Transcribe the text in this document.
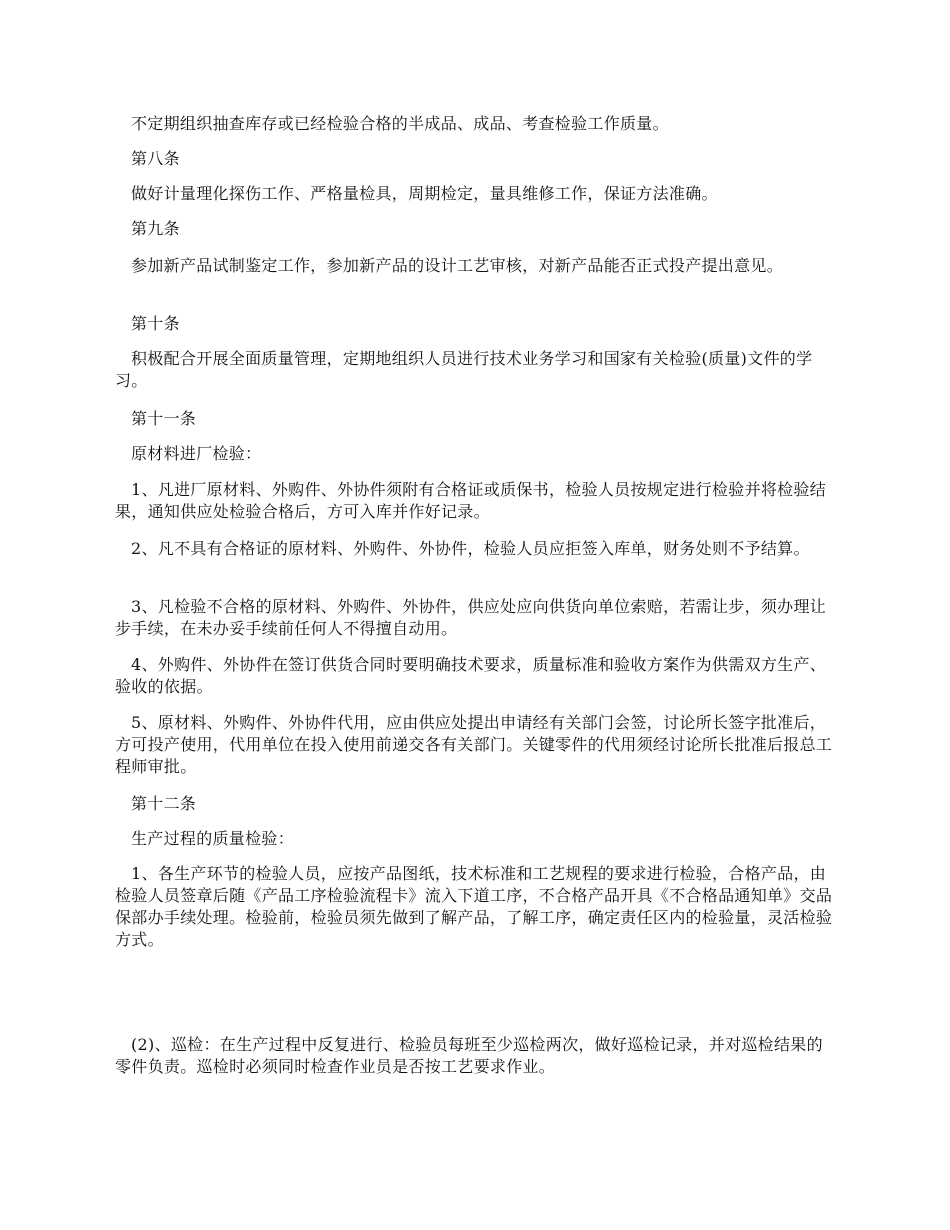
不定期组织抽查库存或已经检验合格的半成品、成品、考查检验工作质量。

第八条

做好计量理化探伤工作、严格量检具，周期检定，量具维修工作，保证方法准确。

第九条

参加新产品试制鉴定工作，参加新产品的设计工艺审核，对新产品能否正式投产提出意见。

第十条

积极配合开展全面质量管理，定期地组织人员进行技术业务学习和国家有关检验(质量)文件的学习。

第十一条

原材料进厂检验：

1、凡进厂原材料、外购件、外协件须附有合格证或质保书，检验人员按规定进行检验并将检验结果，通知供应处检验合格后，方可入库并作好记录。

2、凡不具有合格证的原材料、外购件、外协件，检验人员应拒签入库单，财务处则不予结算。

3、凡检验不合格的原材料、外购件、外协件，供应处应向供货向单位索赔，若需让步，须办理让步手续，在未办妥手续前任何人不得擅自动用。

4、外购件、外协件在签订供货合同时要明确技术要求，质量标准和验收方案作为供需双方生产、验收的依据。

5、原材料、外购件、外协件代用，应由供应处提出申请经有关部门会签，讨论所长签字批准后，方可投产使用，代用单位在投入使用前递交各有关部门。关键零件的代用须经讨论所长批准后报总工程师审批。

第十二条

生产过程的质量检验：

1、各生产环节的检验人员，应按产品图纸，技术标准和工艺规程的要求进行检验，合格产品，由检验人员签章后随《产品工序检验流程卡》流入下道工序，不合格产品开具《不合格品通知单》交品保部办手续处理。检验前，检验员须先做到了解产品，了解工序，确定责任区内的检验量，灵活检验方式。

(2)、巡检：在生产过程中反复进行、检验员每班至少巡检两次，做好巡检记录，并对巡检结果的零件负责。巡检时必须同时检查作业员是否按工艺要求作业。
